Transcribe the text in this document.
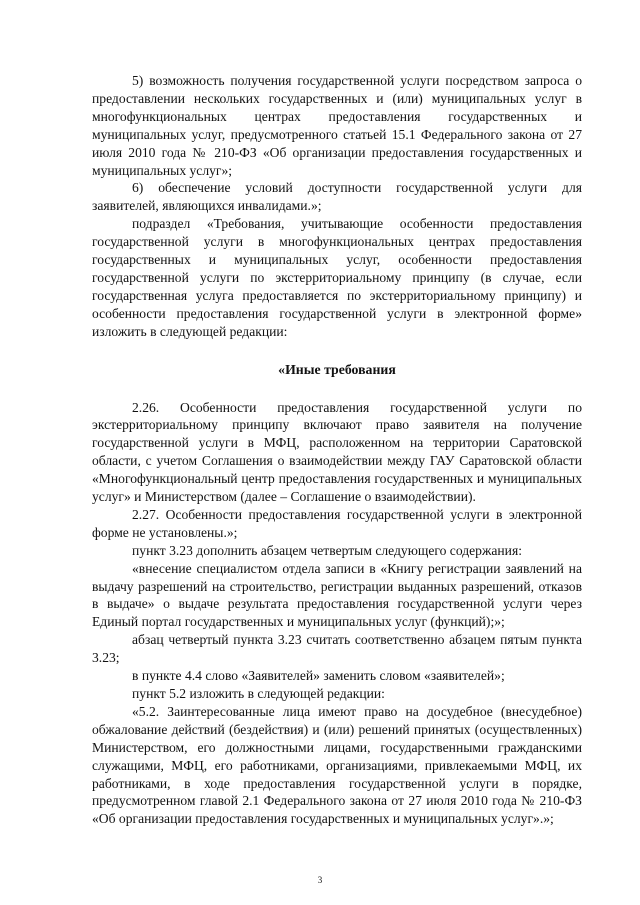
5) возможность получения государственной услуги посредством запроса о предоставлении нескольких государственных и (или) муниципальных услуг в многофункциональных центрах предоставления государственных и муниципальных услуг, предусмотренного статьей 15.1 Федерального закона от 27 июля 2010 года № 210-ФЗ «Об организации предоставления государственных и муниципальных услуг»;

6) обеспечение условий доступности государственной услуги для заявителей, являющихся инвалидами.»;

подраздел «Требования, учитывающие особенности предоставления государственной услуги в многофункциональных центрах предоставления государственных и муниципальных услуг, особенности предоставления государственной услуги по экстерриториальному принципу (в случае, если государственная услуга предоставляется по экстерриториальному принципу) и особенности предоставления государственной услуги в электронной форме» изложить в следующей редакции:

«Иные требования

2.26. Особенности предоставления государственной услуги по экстерриториальному принципу включают право заявителя на получение государственной услуги в МФЦ, расположенном на территории Саратовской области, с учетом Соглашения о взаимодействии между ГАУ Саратовской области «Многофункциональный центр предоставления государственных и муниципальных услуг» и Министерством (далее – Соглашение о взаимодействии).

2.27. Особенности предоставления государственной услуги в электронной форме не установлены.»;

пункт 3.23 дополнить абзацем четвертым следующего содержания:

«внесение специалистом отдела записи в «Книгу регистрации заявлений на выдачу разрешений на строительство, регистрации выданных разрешений, отказов в выдаче» о выдаче результата предоставления государственной услуги через Единый портал государственных и муниципальных услуг (функций);»;

абзац четвертый пункта 3.23 считать соответственно абзацем пятым пункта 3.23;

в пункте 4.4 слово «Заявителей» заменить словом «заявителей»;

пункт 5.2 изложить в следующей редакции:

«5.2. Заинтересованные лица имеют право на досудебное (внесудебное) обжалование действий (бездействия) и (или) решений принятых (осуществленных) Министерством, его должностными лицами, государственными гражданскими служащими, МФЦ, его работниками, организациями, привлекаемыми МФЦ, их работниками, в ходе предоставления государственной услуги в порядке, предусмотренном главой 2.1 Федерального закона от 27 июля 2010 года № 210-ФЗ «Об организации предоставления государственных и муниципальных услуг».»;

3
